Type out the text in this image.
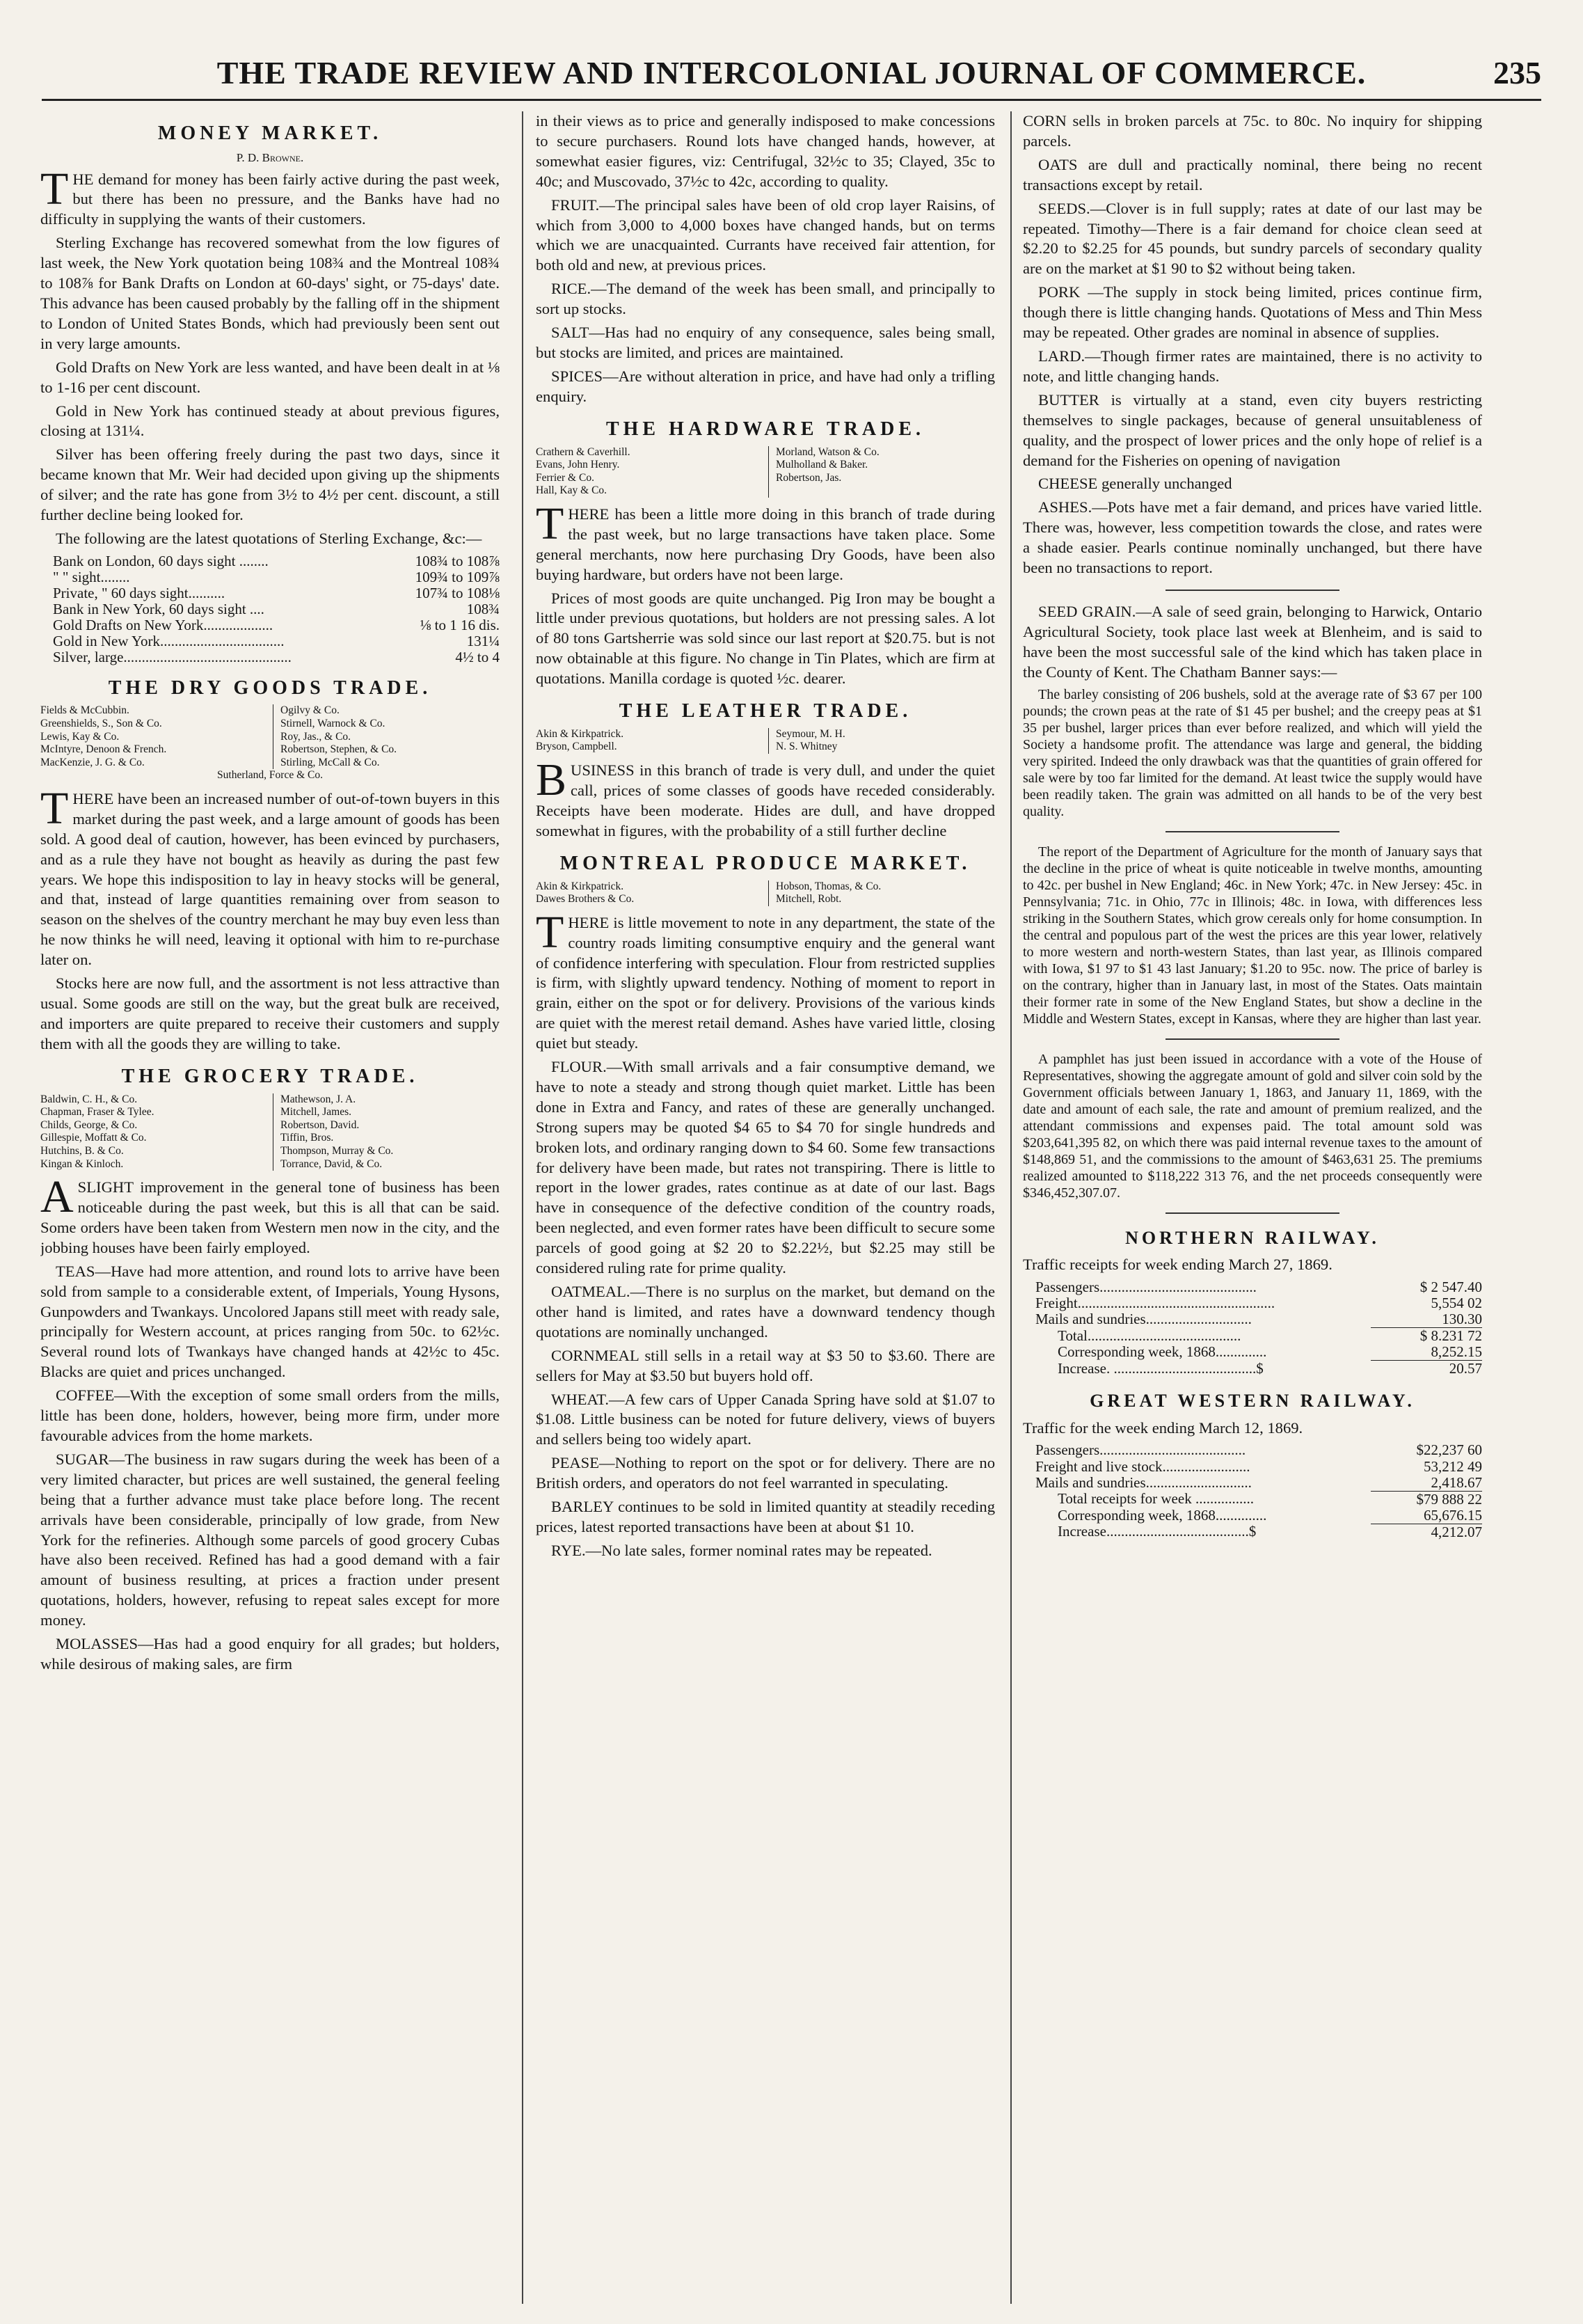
THE TRADE REVIEW AND INTERCOLONIAL JOURNAL OF COMMERCE.	235
MONEY MARKET.
P. D. Browne.

THE demand for money has been fairly active during the past week, but there has been no pressure, and the Banks have had no difficulty in supplying the wants of their customers.

Sterling Exchange has recovered somewhat from the low figures of last week, the New York quotation being 108¾ and the Montreal 108¾ to 108⅞ for Bank Drafts on London at 60-days' sight, or 75-days' date. This advance has been caused probably by the falling off in the shipment to London of United States Bonds, which had previously been sent out in very large amounts.

Gold Drafts on New York are less wanted, and have been dealt in at ⅛ to 1-16 per cent discount.

Gold in New York has continued steady at about previous figures, closing at 131¼.

Silver has been offering freely during the past two days, since it became known that Mr. Weir had decided upon giving up the shipments of silver; and the rate has gone from 3½ to 4½ per cent. discount, a still further decline being looked for.

The following are the latest quotations of Sterling Exchange, &c:—

Bank on London, 60 days sight ........	108¾ to 108⅞
" " sight........	109¾ to 109⅞
Private, " 60 days sight..........	107¾ to 108⅛
Bank in New York, 60 days sight ....	108¾
Gold Drafts on New York...................	⅛ to 1 16 dis.
Gold in New York..................................	131¼
Silver, large..............................................	4½ to 4
THE DRY GOODS TRADE.
Fields & McCubbin.	Ogilvy & Co.
Greenshields, S., Son & Co.	Stirnell, Warnock & Co.
Lewis, Kay & Co.	Roy, Jas., & Co.
McIntyre, Denoon & French.	Robertson, Stephen, & Co.
MacKenzie, J. G. & Co.	Stirling, McCall & Co.
Sutherland, Force & Co.

THERE have been an increased number of out-of-town buyers in this market during the past week, and a large amount of goods has been sold. A good deal of caution, however, has been evinced by purchasers, and as a rule they have not bought as heavily as during the past few years. We hope this indisposition to lay in heavy stocks will be general, and that, instead of large quantities remaining over from season to season on the shelves of the country merchant he may buy even less than he now thinks he will need, leaving it optional with him to re-purchase later on.

Stocks here are now full, and the assortment is not less attractive than usual. Some goods are still on the way, but the great bulk are received, and importers are quite prepared to receive their customers and supply them with all the goods they are willing to take.

THE GROCERY TRADE.
Baldwin, C. H., & Co.	Mathewson, J. A.
Chapman, Fraser & Tylee.	Mitchell, James.
Childs, George, & Co.	Robertson, David.
Gillespie, Moffatt & Co.	Tiffin, Bros.
Hutchins, B. & Co.	Thompson, Murray & Co.
Kingan & Kinloch.	Torrance, David, & Co.

ASLIGHT improvement in the general tone of business has been noticeable during the past week, but this is all that can be said. Some orders have been taken from Western men now in the city, and the jobbing houses have been fairly employed.

TEAS—Have had more attention, and round lots to arrive have been sold from sample to a considerable extent, of Imperials, Young Hysons, Gunpowders and Twankays. Uncolored Japans still meet with ready sale, principally for Western account, at prices ranging from 50c. to 62½c. Several round lots of Twankays have changed hands at 42½c to 45c. Blacks are quiet and prices unchanged.

COFFEE—With the exception of some small orders from the mills, little has been done, holders, however, being more firm, under more favourable advices from the home markets.

SUGAR—The business in raw sugars during the week has been of a very limited character, but prices are well sustained, the general feeling being that a further advance must take place before long. The recent arrivals have been considerable, principally of low grade, from New York for the refineries. Although some parcels of good grocery Cubas have also been received. Refined has had a good demand with a fair amount of business resulting, at prices a fraction under present quotations, holders, however, refusing to repeat sales except for more money.

MOLASSES—Has had a good enquiry for all grades; but holders, while desirous of making sales, are firm

in their views as to price and generally indisposed to make concessions to secure purchasers. Round lots have changed hands, however, at somewhat easier figures, viz: Centrifugal, 32½c to 35; Clayed, 35c to 40c; and Muscovado, 37½c to 42c, according to quality.

FRUIT.—The principal sales have been of old crop layer Raisins, of which from 3,000 to 4,000 boxes have changed hands, but on terms which we are unacquainted. Currants have received fair attention, for both old and new, at previous prices.

RICE.—The demand of the week has been small, and principally to sort up stocks.

SALT—Has had no enquiry of any consequence, sales being small, but stocks are limited, and prices are maintained.

SPICES—Are without alteration in price, and have had only a trifling enquiry.

THE HARDWARE TRADE.
Crathern & Caverhill.	Morland, Watson & Co.
Evans, John Henry.	Mulholland & Baker.
Ferrier & Co.	Robertson, Jas.
Hall, Kay & Co.

THERE has been a little more doing in this branch of trade during the past week, but no large transactions have taken place. Some general merchants, now here purchasing Dry Goods, have been also buying hardware, but orders have not been large.

Prices of most goods are quite unchanged. Pig Iron may be bought a little under previous quotations, but holders are not pressing sales. A lot of 80 tons Gartsherrie was sold since our last report at $20.75. but is not now obtainable at this figure. No change in Tin Plates, which are firm at quotations. Manilla cordage is quoted ½c. dearer.

THE LEATHER TRADE.
Akin & Kirkpatrick.	Seymour, M. H.
Bryson, Campbell.	N. S. Whitney

BUSINESS in this branch of trade is very dull, and under the quiet call, prices of some classes of goods have receded considerably. Receipts have been moderate. Hides are dull, and have dropped somewhat in figures, with the probability of a still further decline

MONTREAL PRODUCE MARKET.
Akin & Kirkpatrick.	Hobson, Thomas, & Co.
Dawes Brothers & Co.	Mitchell, Robt.

THERE is little movement to note in any department, the state of the country roads limiting consumptive enquiry and the general want of confidence interfering with speculation. Flour from restricted supplies is firm, with slightly upward tendency. Nothing of moment to report in grain, either on the spot or for delivery. Provisions of the various kinds are quiet with the merest retail demand. Ashes have varied little, closing quiet but steady.

FLOUR.—With small arrivals and a fair consumptive demand, we have to note a steady and strong though quiet market. Little has been done in Extra and Fancy, and rates of these are generally unchanged. Strong supers may be quoted $4 65 to $4 70 for single hundreds and broken lots, and ordinary ranging down to $4 60. Some few transactions for delivery have been made, but rates not transpiring. There is little to report in the lower grades, rates continue as at date of our last. Bags have in consequence of the defective condition of the country roads, been neglected, and even former rates have been difficult to secure some parcels of good going at $2 20 to $2.22½, but $2.25 may still be considered ruling rate for prime quality.

OATMEAL.—There is no surplus on the market, but demand on the other hand is limited, and rates have a downward tendency though quotations are nominally unchanged.

CORNMEAL still sells in a retail way at $3 50 to $3.60. There are sellers for May at $3.50 but buyers hold off.

WHEAT.—A few cars of Upper Canada Spring have sold at $1.07 to $1.08. Little business can be noted for future delivery, views of buyers and sellers being too widely apart.

PEASE—Nothing to report on the spot or for delivery. There are no British orders, and operators do not feel warranted in speculating.

BARLEY continues to be sold in limited quantity at steadily receding prices, latest reported transactions have been at about $1 10.

RYE.—No late sales, former nominal rates may be repeated.

CORN sells in broken parcels at 75c. to 80c. No inquiry for shipping parcels.

OATS are dull and practically nominal, there being no recent transactions except by retail.

SEEDS.—Clover is in full supply; rates at date of our last may be repeated. Timothy—There is a fair demand for choice clean seed at $2.20 to $2.25 for 45 pounds, but sundry parcels of secondary quality are on the market at $1 90 to $2 without being taken.

PORK —The supply in stock being limited, prices continue firm, though there is little changing hands. Quotations of Mess and Thin Mess may be repeated. Other grades are nominal in absence of supplies.

LARD.—Though firmer rates are maintained, there is no activity to note, and little changing hands.

BUTTER is virtually at a stand, even city buyers restricting themselves to single packages, because of general unsuitableness of quality, and the prospect of lower prices and the only hope of relief is a demand for the Fisheries on opening of navigation

CHEESE generally unchanged

ASHES.—Pots have met a fair demand, and prices have varied little. There was, however, less competition towards the close, and rates were a shade easier. Pearls continue nominally unchanged, but there have been no transactions to report.

SEED GRAIN.—A sale of seed grain, belonging to Harwick, Ontario Agricultural Society, took place last week at Blenheim, and is said to have been the most successful sale of the kind which has taken place in the County of Kent. The Chatham Banner says:—

The barley consisting of 206 bushels, sold at the average rate of $3 67 per 100 pounds; the crown peas at the rate of $1 45 per bushel; and the creepy peas at $1 35 per bushel, larger prices than ever before realized, and which will yield the Society a handsome profit. The attendance was large and general, the bidding very spirited. Indeed the only drawback was that the quantities of grain offered for sale were by too far limited for the demand. At least twice the supply would have been readily taken. The grain was admitted on all hands to be of the very best quality.

The report of the Department of Agriculture for the month of January says that the decline in the price of wheat is quite noticeable in twelve months, amounting to 42c. per bushel in New England; 46c. in New York; 47c. in New Jersey: 45c. in Pennsylvania; 71c. in Ohio, 77c in Illinois; 48c. in Iowa, with differences less striking in the Southern States, which grow cereals only for home consumption. In the central and populous part of the west the prices are this year lower, relatively to more western and north-western States, than last year, as Illinois compared with Iowa, $1 97 to $1 43 last January; $1.20 to 95c. now. The price of barley is on the contrary, higher than in January last, in most of the States. Oats maintain their former rate in some of the New England States, but show a decline in the Middle and Western States, except in Kansas, where they are higher than last year.

A pamphlet has just been issued in accordance with a vote of the House of Representatives, showing the aggregate amount of gold and silver coin sold by the Government officials between January 1, 1863, and January 11, 1869, with the date and amount of each sale, the rate and amount of premium realized, and the attendant commissions and expenses paid. The total amount sold was $203,641,395 82, on which there was paid internal revenue taxes to the amount of $148,869 51, and the commissions to the amount of $463,631 25. The premiums realized amounted to $118,222 313 76, and the net proceeds consequently were $346,452,307.07.

NORTHERN RAILWAY.

Traffic receipts for week ending March 27, 1869.

Passengers...........................................	$ 2 547.40
Freight......................................................	5,554 02
Mails and sundries.............................	130.30
Total..........................................	$ 8.231 72
Corresponding week, 1868..............	8,252.15
Increase. .......................................$	20.57
GREAT WESTERN RAILWAY.

Traffic for the week ending March 12, 1869.

Passengers........................................	$22,237 60
Freight and live stock........................	53,212 49
Mails and sundries.............................	2,418.67
Total receipts for week ................	$79 888 22
Corresponding week, 1868..............	65,676.15
Increase.......................................$	4,212.07
